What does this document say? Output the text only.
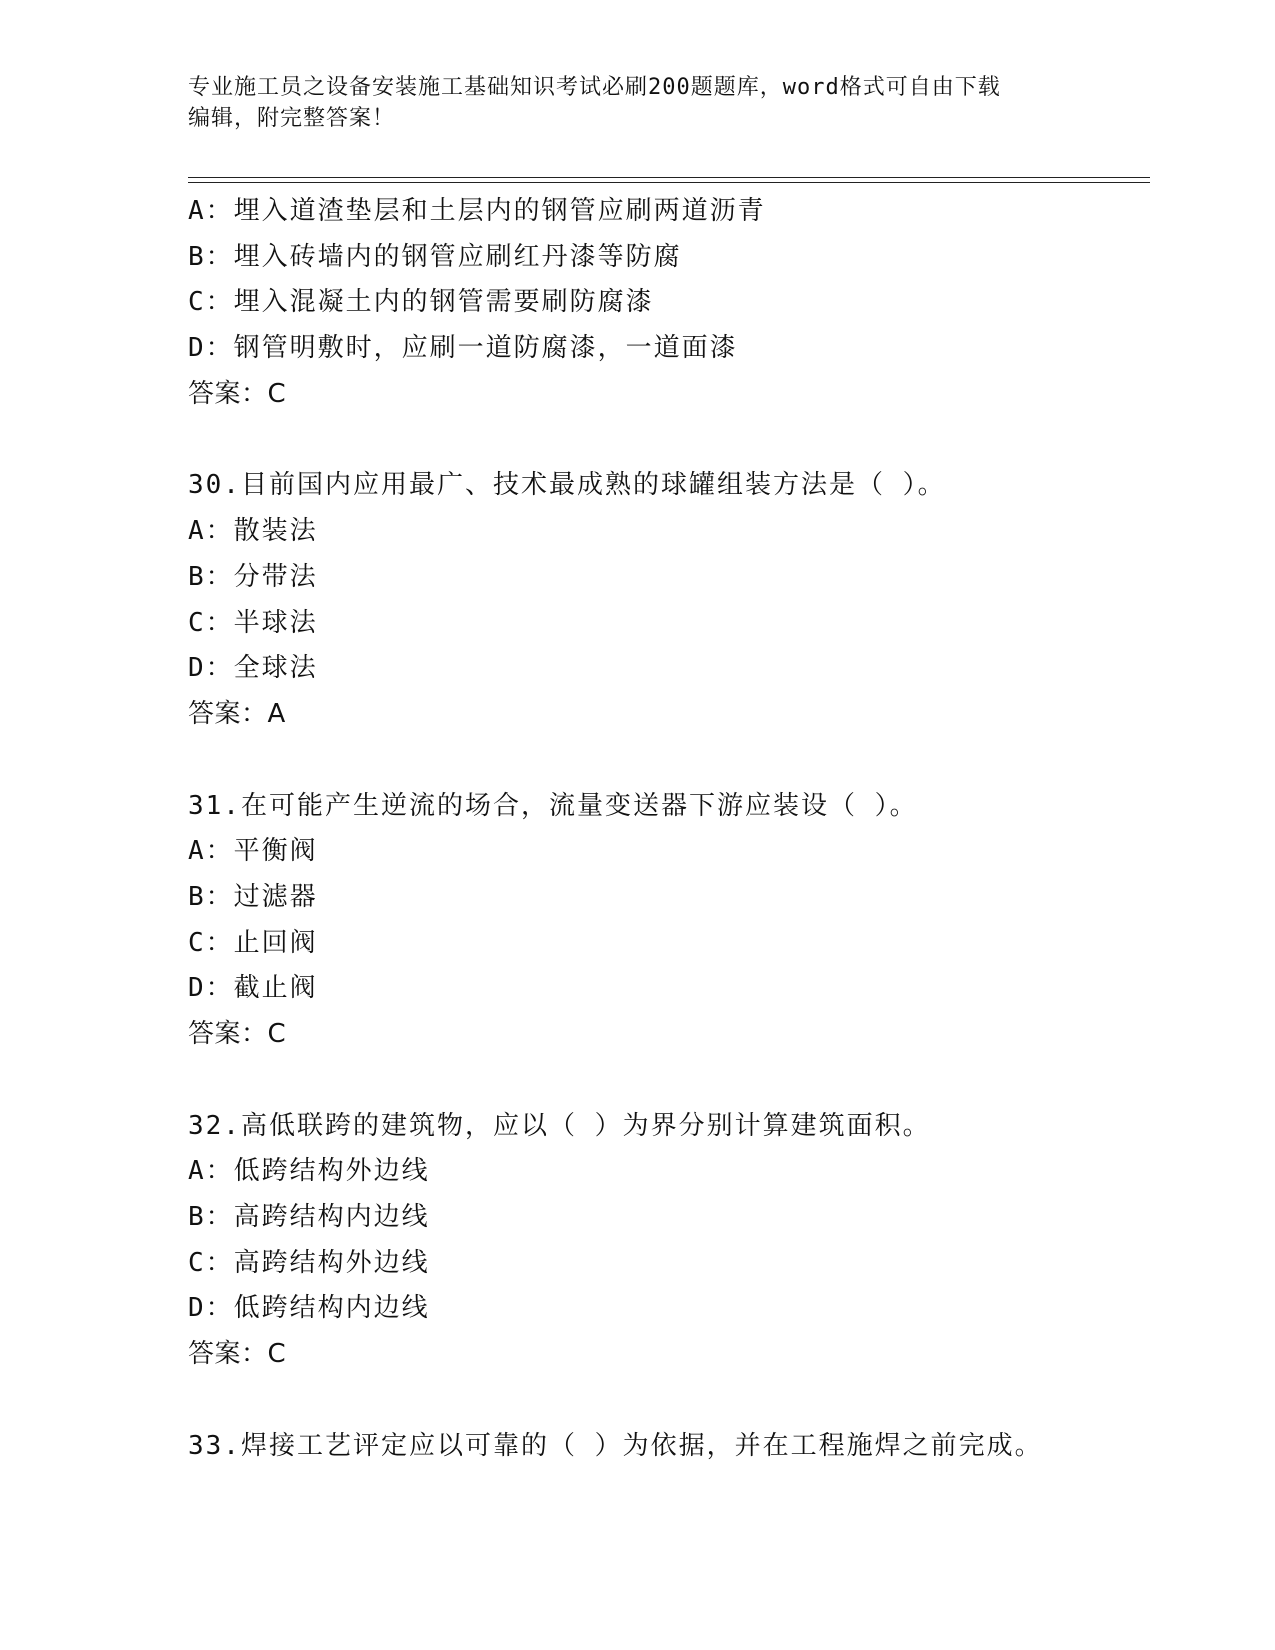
专业施工员之设备安装施工基础知识考试必刷200题题库，word格式可自由下载
编辑，附完整答案！
A：埋入道渣垫层和土层内的钢管应刷两道沥青
B：埋入砖墙内的钢管应刷红丹漆等防腐
C：埋入混凝土内的钢管需要刷防腐漆
D：钢管明敷时，应刷一道防腐漆，一道面漆
答案：C
30.目前国内应用最广、技术最成熟的球罐组装方法是（ ）。
A：散装法
B：分带法
C：半球法
D：全球法
答案：A
31.在可能产生逆流的场合，流量变送器下游应装设（ ）。
A：平衡阀
B：过滤器
C：止回阀
D：截止阀
答案：C
32.高低联跨的建筑物，应以（ ）为界分别计算建筑面积。
A：低跨结构外边线
B：高跨结构内边线
C：高跨结构外边线
D：低跨结构内边线
答案：C
33.焊接工艺评定应以可靠的（ ）为依据，并在工程施焊之前完成。
